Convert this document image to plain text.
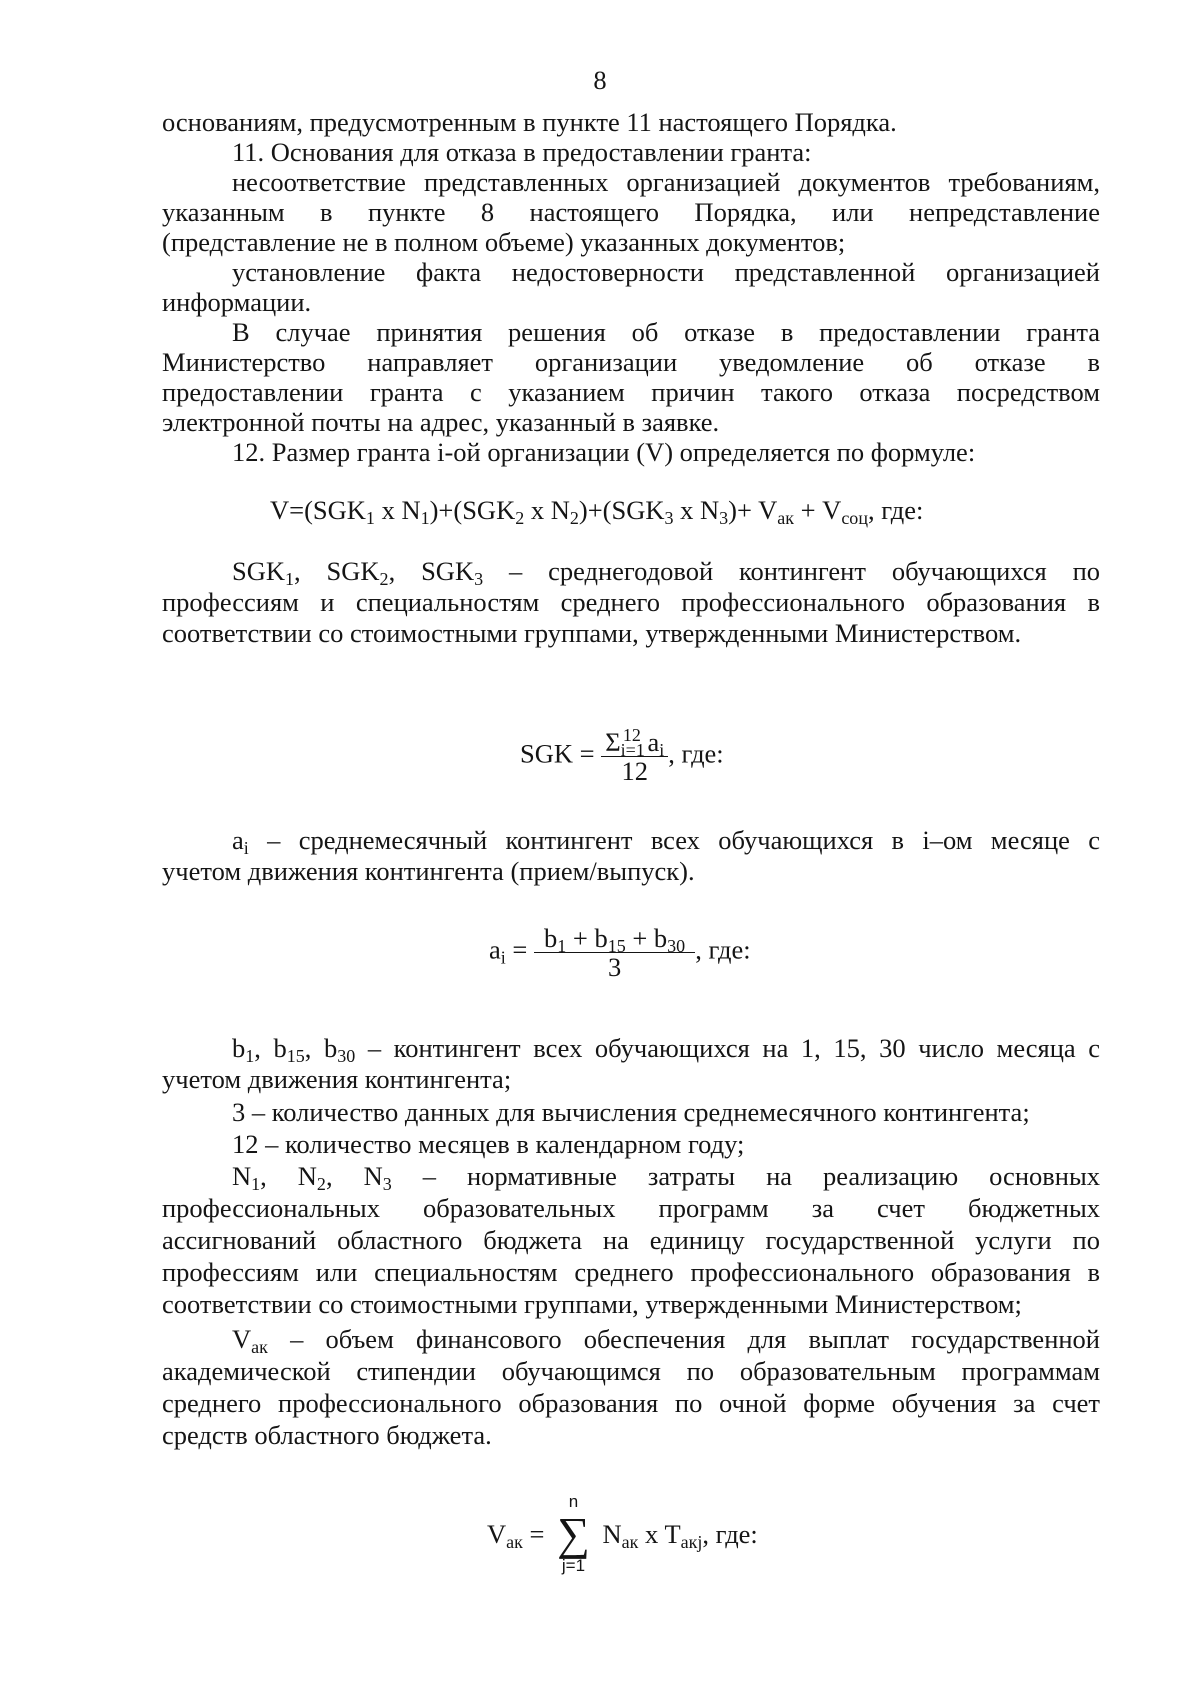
8
основаниям, предусмотренным в пункте 11 настоящего Порядка.
11. Основания для отказа в предоставлении гранта:
несоответствие представленных организацией документов требованиям,
указанным в пункте 8 настоящего Порядка, или непредставление
(представление не в полном объеме) указанных документов;
установление факта недостоверности представленной организацией
информации.
В случае принятия решения об отказе в предоставлении гранта
Министерство направляет организации уведомление об отказе в
предоставлении гранта с указанием причин такого отказа посредством
электронной почты на адрес, указанный в заявке.
12. Размер гранта i-ой организации (V) определяется по формуле:
$V=(SGK_1$ x $N_1)+(SGK_2$ x $N_2)+(SGK_3$ x $N_3)+ V_{ак} + V_{соц}$, где:
$SGK_1$, $SGK_2$, $SGK_3$ – среднегодовой контингент обучающихся по
профессиям и специальностям среднего профессионального образования в
соответствии со стоимостными группами, утвержденными Министерством.
SGK = $\frac{\Sigma_{i=1}^{12} a_i}{12}$ , где:
$a_i$ – среднемесячный контингент всех обучающихся в i–ом месяце с
учетом движения контингента (прием/выпуск).
$a_i = \frac{b_1 + b_{15} + b_{30}}{3}$ , где:
$b_1$, $b_{15}$, $b_{30}$ – контингент всех обучающихся на 1, 15, 30 число месяца с
учетом движения контингента;
3 – количество данных для вычисления среднемесячного контингента;
12 – количество месяцев в календарном году;
$N_1$, $N_2$, $N_3$ – нормативные затраты на реализацию основных
профессиональных образовательных программ за счет бюджетных
ассигнований областного бюджета на единицу государственной услуги по
профессиям или специальностям среднего профессионального образования в
соответствии со стоимостными группами, утвержденными Министерством;
$V_{ак}$ – объем финансового обеспечения для выплат государственной
академической стипендии обучающимся по образовательным программам
среднего профессионального образования по очной форме обучения за счет
средств областного бюджета.
$V_{ак}$ =
n
∑
j=1
$N_{ак}$ x $T_{акj}$, где:
